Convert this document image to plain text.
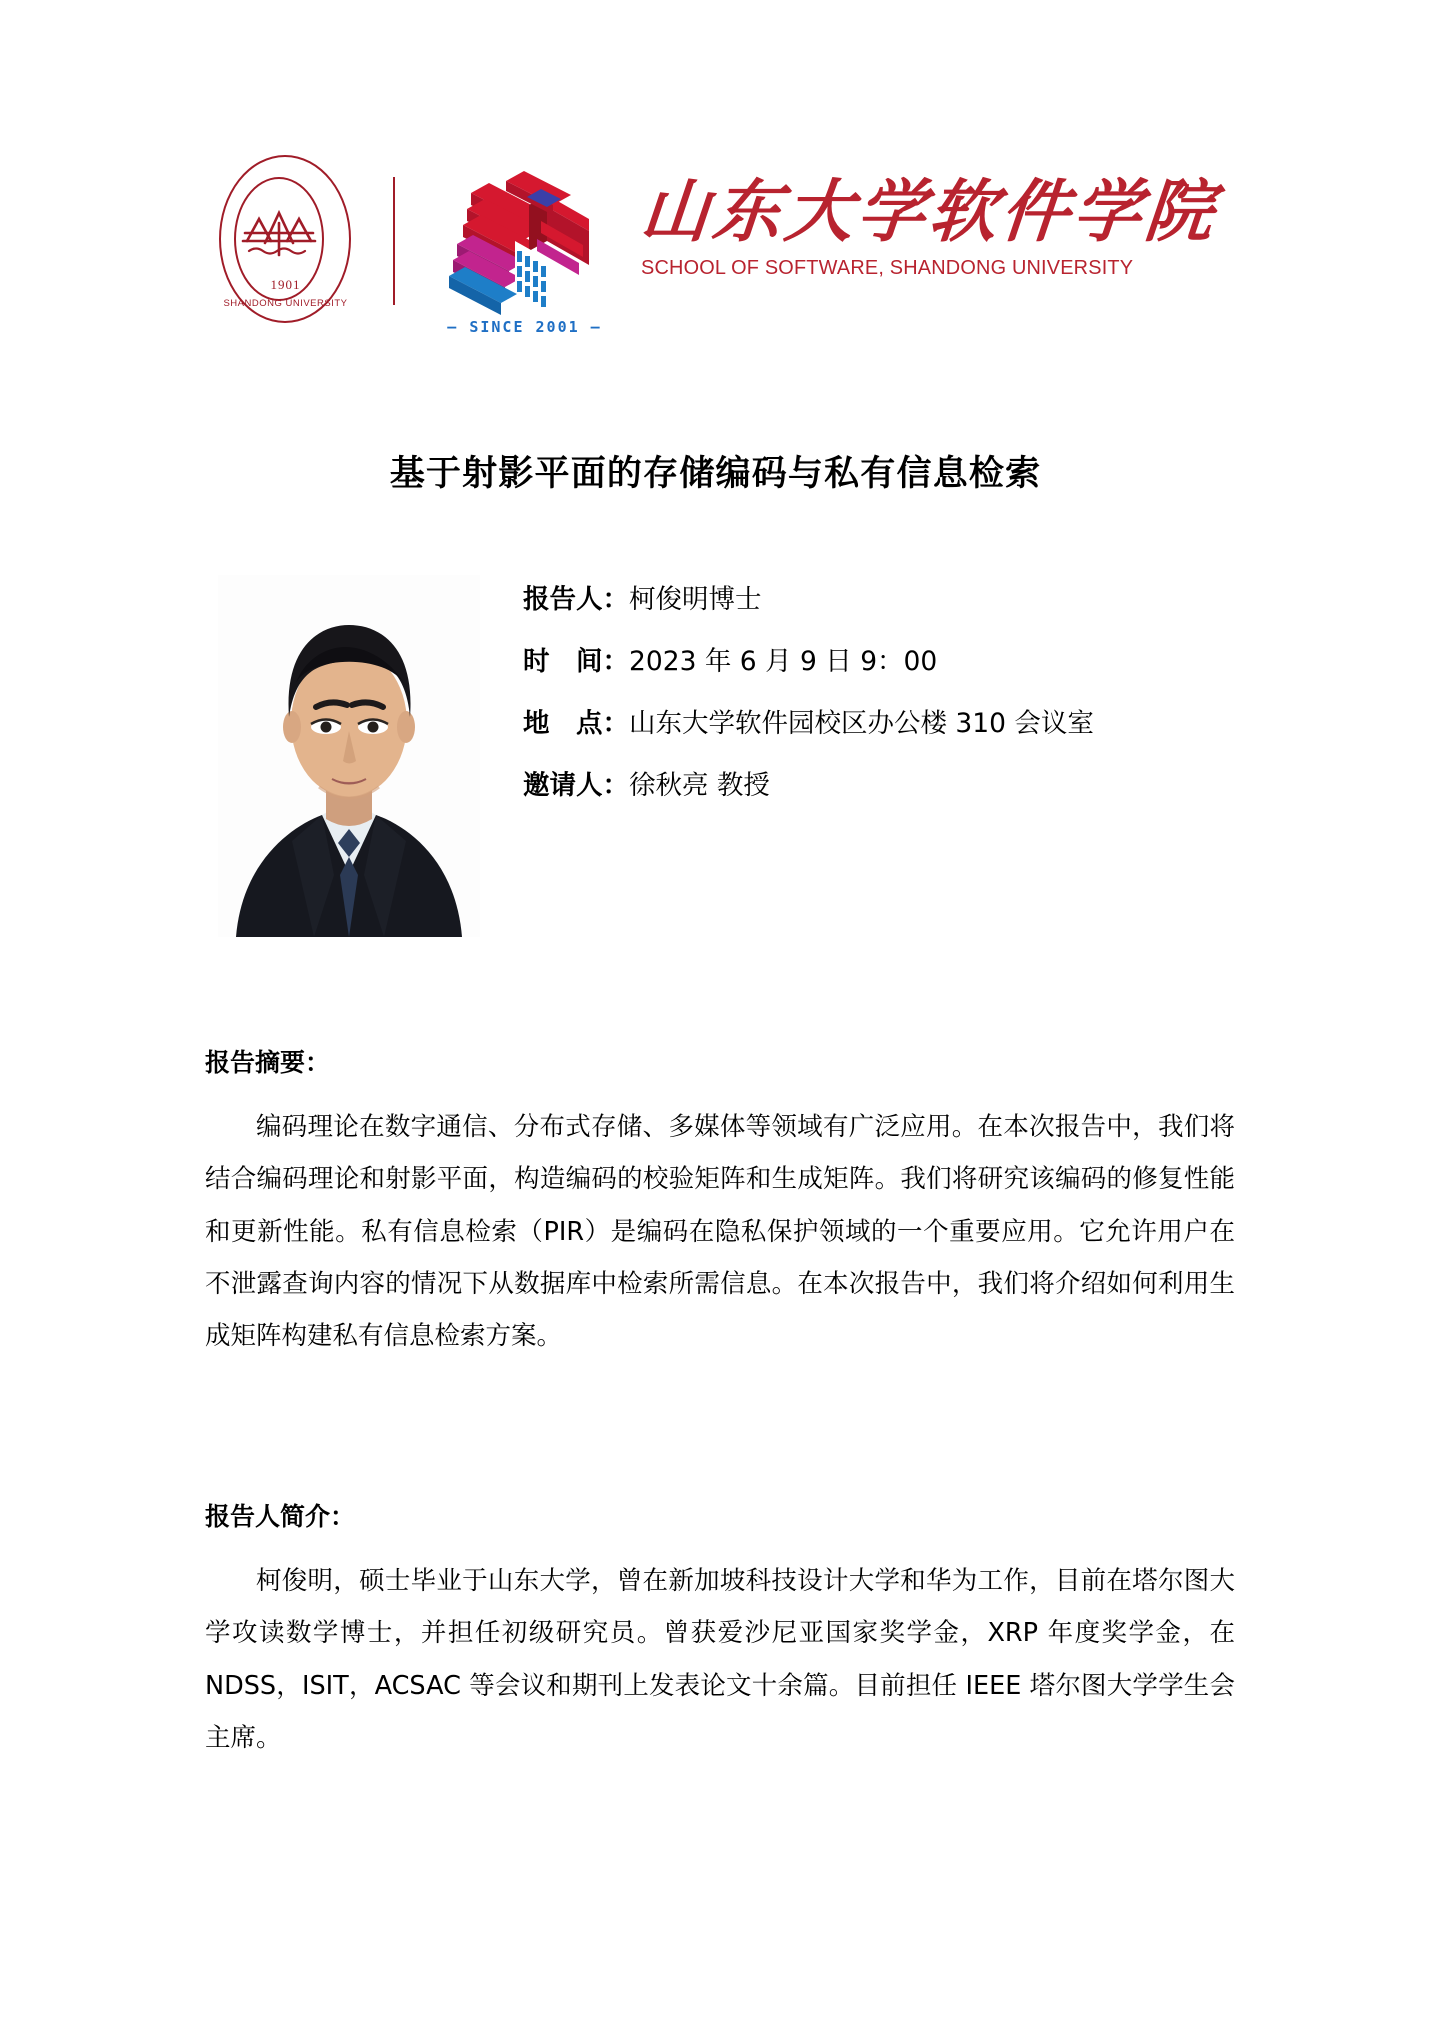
1901
SHANDONG UNIVERSITY
— SINCE 2001 —
山东大学软件学院
SCHOOL OF SOFTWARE, SHANDONG UNIVERSITY
基于射影平面的存储编码与私有信息检索
报告人： 柯俊明博士
时　间： 2023 年 6 月 9 日 9：00
地　点： 山东大学软件园校区办公楼 310 会议室
邀请人： 徐秋亮 教授
报告摘要：
编码理论在数字通信、分布式存储、多媒体等领域有广泛应用。在本次报告中，我们将结合编码理论和射影平面，构造编码的校验矩阵和生成矩阵。我们将研究该编码的修复性能和更新性能。私有信息检索（PIR）是编码在隐私保护领域的一个重要应用。它允许用户在不泄露查询内容的情况下从数据库中检索所需信息。在本次报告中，我们将介绍如何利用生成矩阵构建私有信息检索方案。
报告人简介：
柯俊明，硕士毕业于山东大学，曾在新加坡科技设计大学和华为工作，目前在塔尔图大学攻读数学博士，并担任初级研究员。曾获爱沙尼亚国家奖学金，XRP 年度奖学金，在 NDSS，ISIT，ACSAC 等会议和期刊上发表论文十余篇。目前担任 IEEE 塔尔图大学学生会主席。
